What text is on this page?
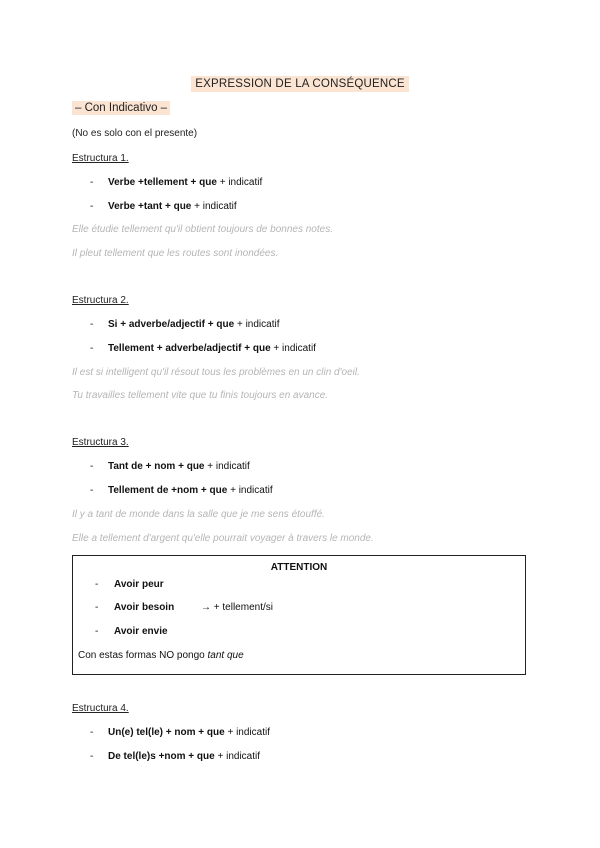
EXPRESSION DE LA CONSÉQUENCE
– Con Indicativo –
(No es solo con el presente)
Estructura 1.
- Verbe +tellement + que + indicatif
- Verbe +tant + que + indicatif
Elle étudie tellement qu'il obtient toujours de bonnes notes.
Il pleut tellement que les routes sont inondées.
Estructura 2.
- Si + adverbe/adjectif + que + indicatif
- Tellement + adverbe/adjectif + que + indicatif
Il est si intelligent qu'il résout tous les problèmes en un clin d'oeil.
Tu travailles tellement vite que tu finis toujours en avance.
Estructura 3.
- Tant de + nom + que + indicatif
- Tellement de +nom + que + indicatif
Il y a tant de monde dans la salle que je me sens étouffé.
Elle a tellement d'argent qu'elle pourrait voyager à travers le monde.
ATTENTION
- Avoir peur
- Avoir besoin	→ + tellement/si
- Avoir envie
Con estas formas NO pongo tant que
Estructura 4.
- Un(e) tel(le) + nom + que + indicatif
- De tel(le)s +nom + que + indicatif
